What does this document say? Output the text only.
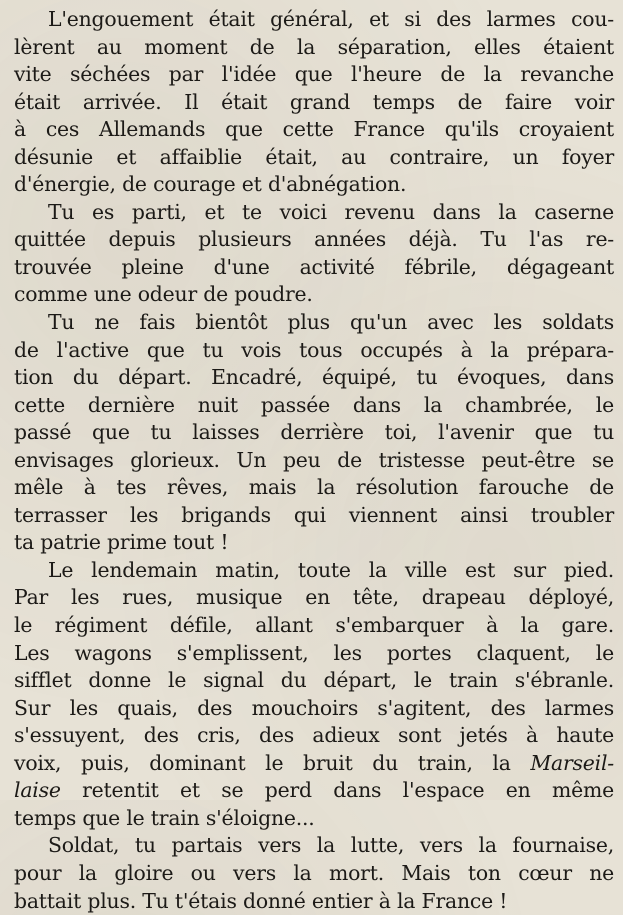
L'engouement était général, et si des larmes cou-
lèrent au moment de la séparation, elles étaient
vite séchées par l'idée que l'heure de la revanche
était arrivée. Il était grand temps de faire voir
à ces Allemands que cette France qu'ils croyaient
désunie et affaiblie était, au contraire, un foyer
d'énergie, de courage et d'abnégation.

Tu es parti, et te voici revenu dans la caserne
quittée depuis plusieurs années déjà. Tu l'as re-
trouvée pleine d'une activité fébrile, dégageant
comme une odeur de poudre.

Tu ne fais bientôt plus qu'un avec les soldats
de l'active que tu vois tous occupés à la prépara-
tion du départ. Encadré, équipé, tu évoques, dans
cette dernière nuit passée dans la chambrée, le
passé que tu laisses derrière toi, l'avenir que tu
envisages glorieux. Un peu de tristesse peut-être se
mêle à tes rêves, mais la résolution farouche de
terrasser les brigands qui viennent ainsi troubler
ta patrie prime tout !

Le lendemain matin, toute la ville est sur pied.
Par les rues, musique en tête, drapeau déployé,
le régiment défile, allant s'embarquer à la gare.
Les wagons s'emplissent, les portes claquent, le
sifflet donne le signal du départ, le train s'ébranle.
Sur les quais, des mouchoirs s'agitent, des larmes
s'essuyent, des cris, des adieux sont jetés à haute
voix, puis, dominant le bruit du train, la Marseil-
laise retentit et se perd dans l'espace en même
temps que le train s'éloigne...

Soldat, tu partais vers la lutte, vers la fournaise,
pour la gloire ou vers la mort. Mais ton cœur ne
battait plus. Tu t'étais donné entier à la France !
